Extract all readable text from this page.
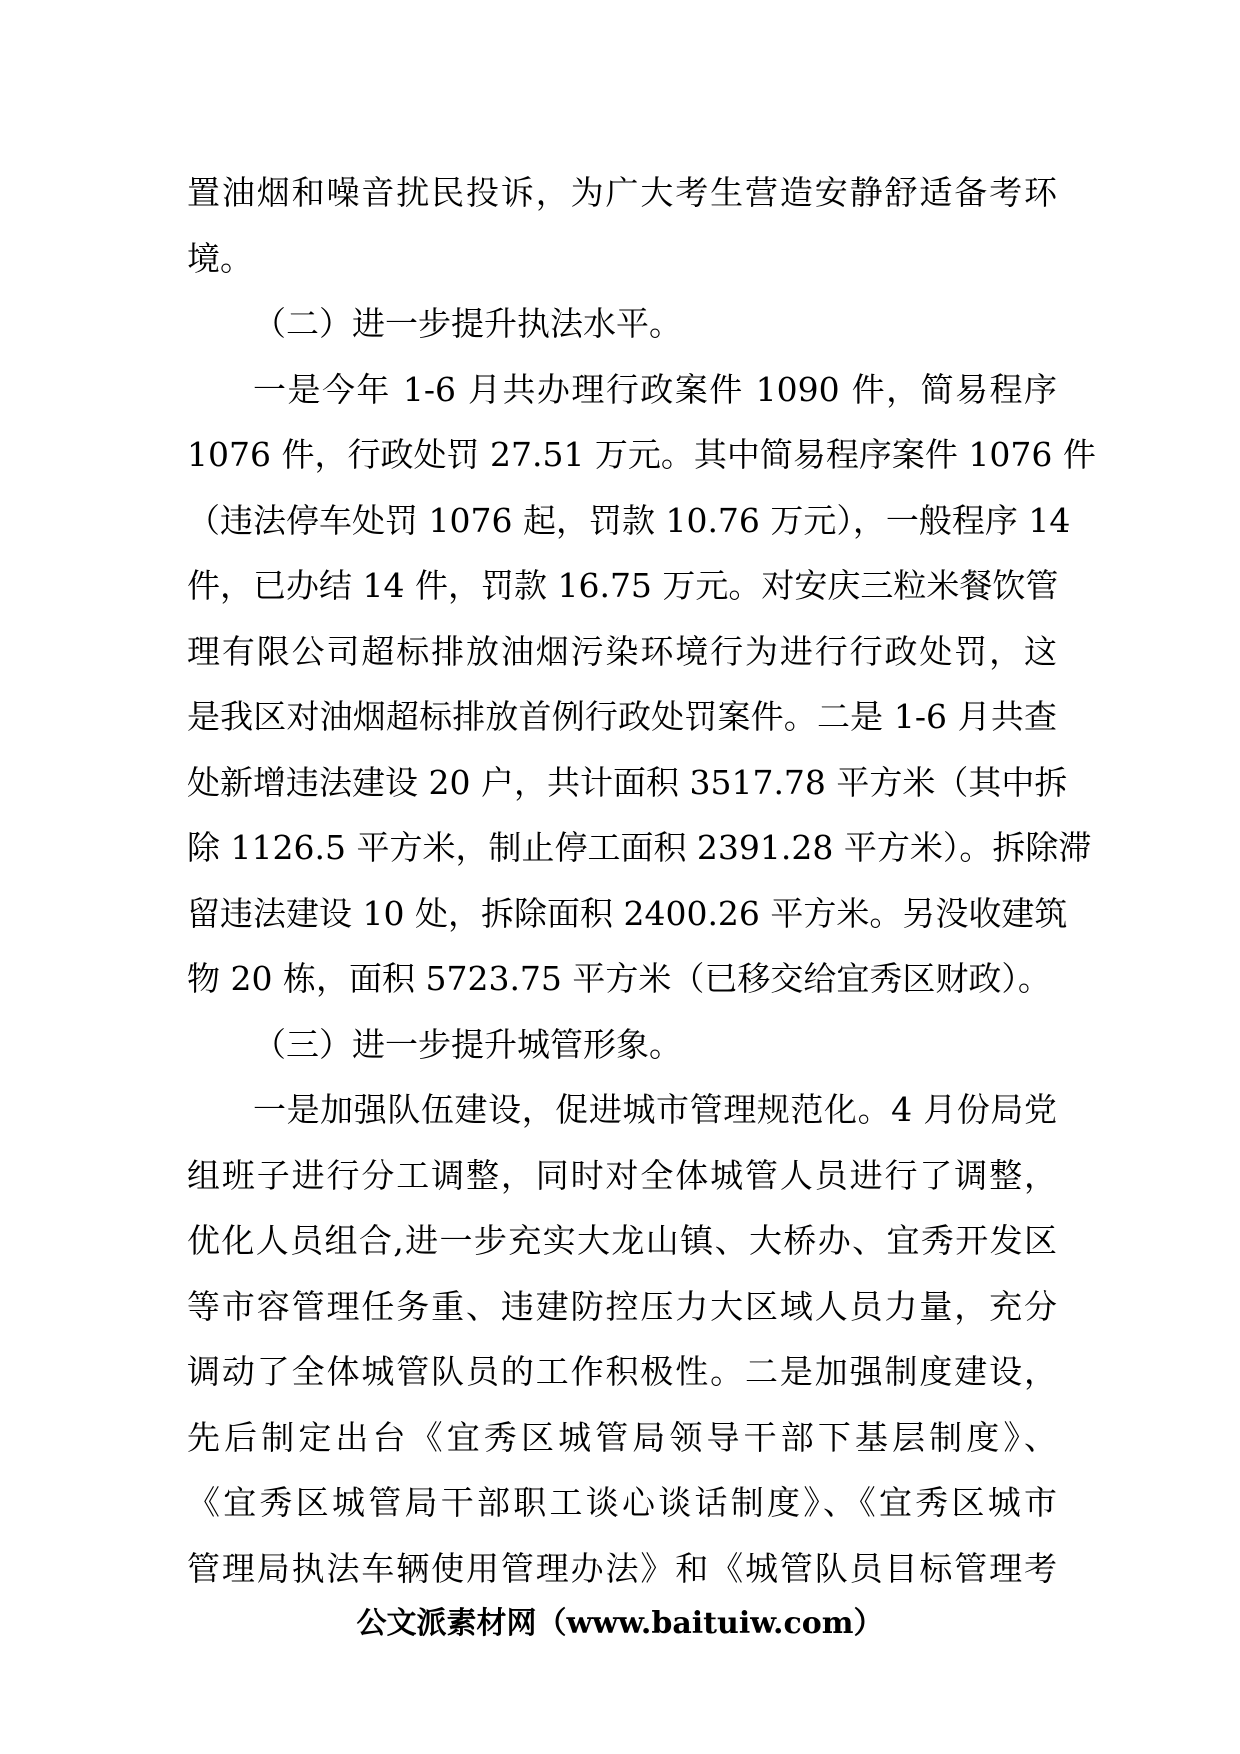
置油烟和噪音扰民投诉，为广大考生营造安静舒适备考环
境。
（二）进一步提升执法水平。
一是今年 1-6 月共办理行政案件 1090 件，简易程序
1076 件，行政处罚 27.51 万元。其中简易程序案件 1076 件
（违法停车处罚 1076 起，罚款 10.76 万元），一般程序 14
件，已办结 14 件，罚款 16.75 万元。对安庆三粒米餐饮管
理有限公司超标排放油烟污染环境行为进行行政处罚，这
是我区对油烟超标排放首例行政处罚案件。二是 1-6 月共查
处新增违法建设 20 户，共计面积 3517.78 平方米（其中拆
除 1126.5 平方米，制止停工面积 2391.28 平方米）。拆除滞
留违法建设 10 处，拆除面积 2400.26 平方米。另没收建筑
物 20 栋，面积 5723.75 平方米（已移交给宜秀区财政）。
（三）进一步提升城管形象。
一是加强队伍建设，促进城市管理规范化。4 月份局党
组班子进行分工调整，同时对全体城管人员进行了调整，
优化人员组合,进一步充实大龙山镇、大桥办、宜秀开发区
等市容管理任务重、违建防控压力大区域人员力量，充分
调动了全体城管队员的工作积极性。二是加强制度建设，
先后制定出台《宜秀区城管局领导干部下基层制度》、
《宜秀区城管局干部职工谈心谈话制度》、《宜秀区城市
管理局执法车辆使用管理办法》和《城管队员目标管理考
公文派素材网（www.baituiw.com）
